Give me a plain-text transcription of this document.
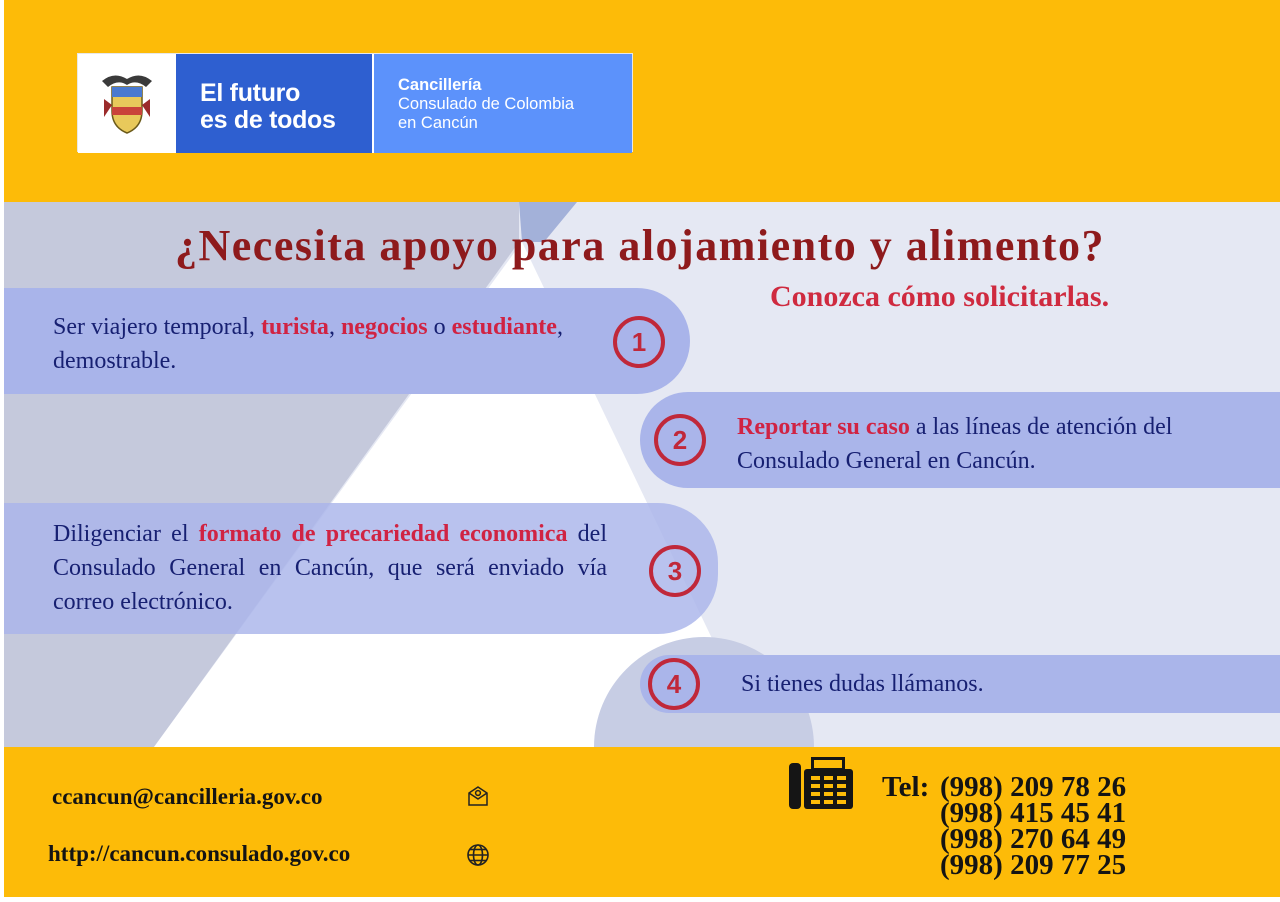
El futuro
es de todos
Cancillería
Consulado de Colombia
en Cancún
¿Necesita apoyo para alojamiento y alimento?
Conozca cómo solicitarlas.
Ser viajero temporal, turista, negocios o estudiante, demostrable.
1
2	Reportar su caso a las líneas de atención del Consulado General en Cancún.
Diligenciar el formato de precariedad economica del Consulado General en Cancún, que será enviado vía correo electrónico.
3
4	Si tienes dudas llámanos.
ccancun@cancilleria.gov.co
http://cancun.consulado.gov.co
Tel: (998) 209 78 26
(998) 415 45 41
(998) 270 64 49
(998) 209 77 25
